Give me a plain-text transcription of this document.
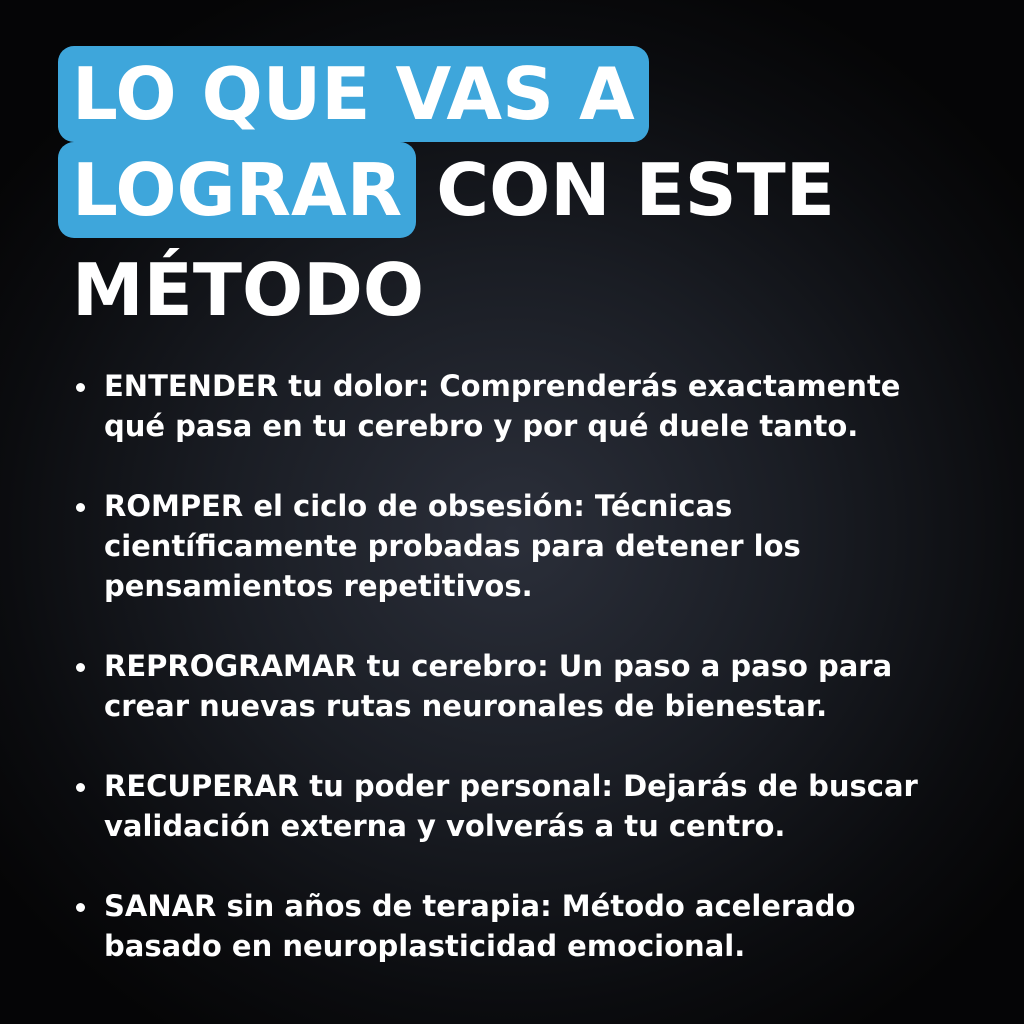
LO QUE VAS A
LOGRAR CON ESTE
MÉTODO
ENTENDER tu dolor: Comprenderás exactamente
qué pasa en tu cerebro y por qué duele tanto.
ROMPER el ciclo de obsesión: Técnicas
científicamente probadas para detener los
pensamientos repetitivos.
REPROGRAMAR tu cerebro: Un paso a paso para
crear nuevas rutas neuronales de bienestar.
RECUPERAR tu poder personal: Dejarás de buscar
validación externa y volverás a tu centro.
SANAR sin años de terapia: Método acelerado
basado en neuroplasticidad emocional.
